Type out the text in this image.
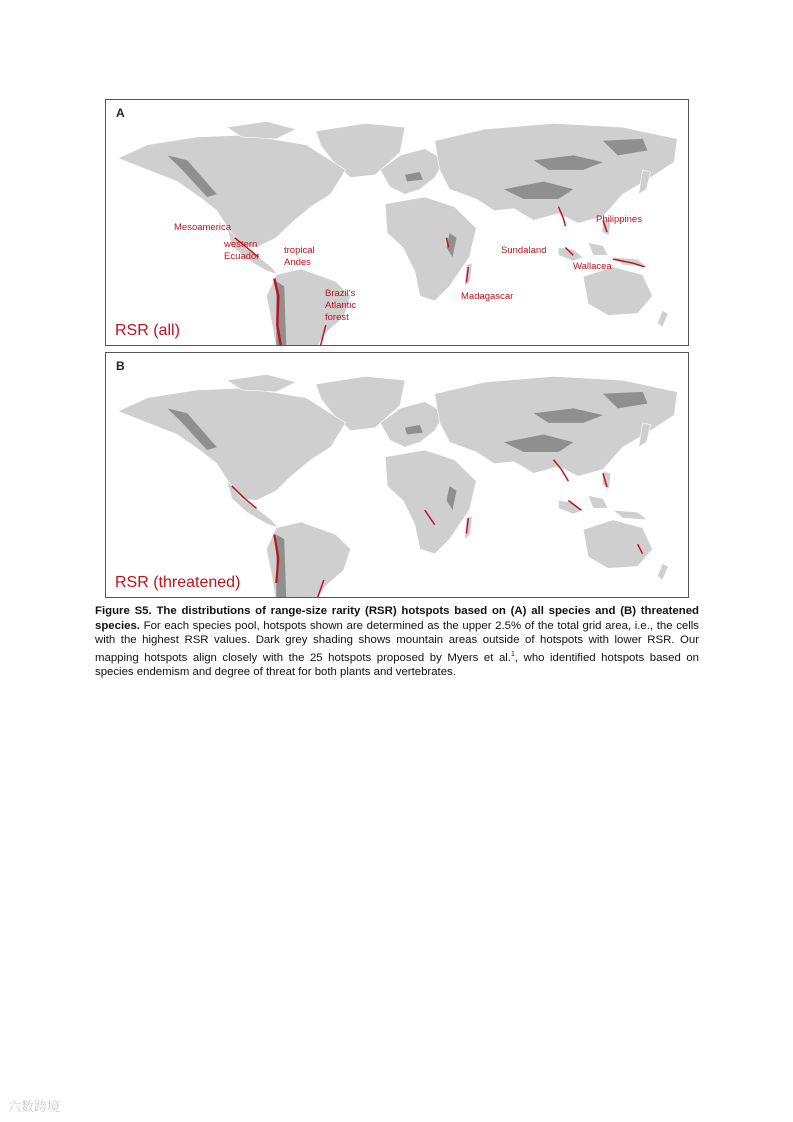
A
Mesoamerica
western
Ecuador
tropical
Andes
Brazil's
Atlantic
forest
Madagascar
Sundaland
Wallacea
Philippines
RSR (all)
B
RSR (threatened)
Figure S5. The distributions of range-size rarity (RSR) hotspots based on (A) all species and (B) threatened species. For each species pool, hotspots shown are determined as the upper 2.5% of the total grid area, i.e., the cells with the highest RSR values. Dark grey shading shows mountain areas outside of hotspots with lower RSR. Our mapping hotspots align closely with the 25 hotspots proposed by Myers et al.$^1$, who identified hotspots based on species endemism and degree of threat for both plants and vertebrates.
六数跨境
